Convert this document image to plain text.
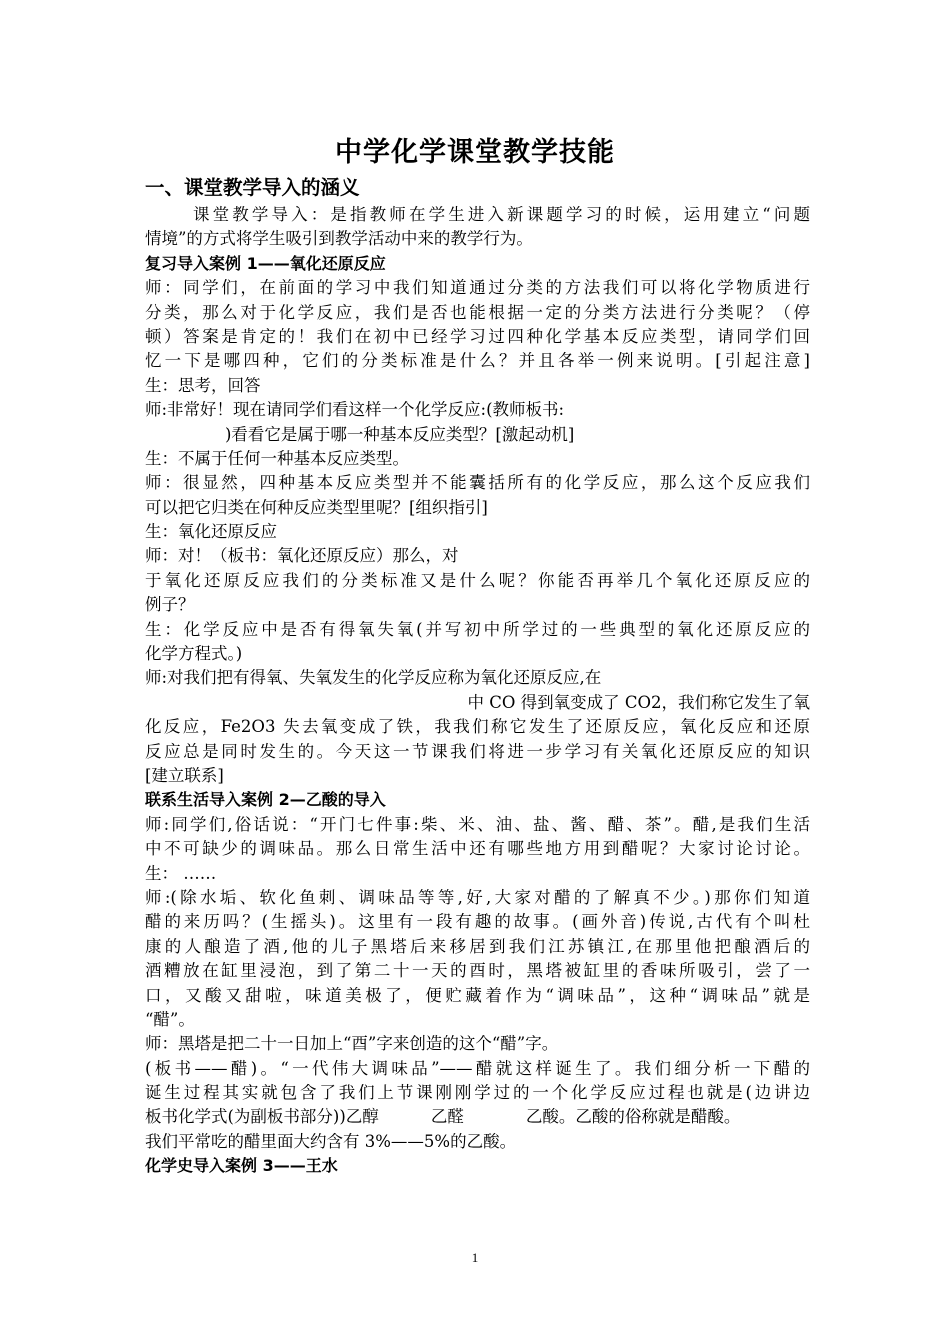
中学化学课堂教学技能
一、课堂教学导入的涵义
课堂教学导入：是指教师在学生进入新课题学习的时候，运用建立“问题
情境”的方式将学生吸引到教学活动中来的教学行为。
复习导入案例 1——氧化还原反应
师：同学们，在前面的学习中我们知道通过分类的方法我们可以将化学物质进行
分类，那么对于化学反应，我们是否也能根据一定的分类方法进行分类呢？（停
顿）答案是肯定的！我们在初中已经学习过四种化学基本反应类型，请同学们回
忆一下是哪四种，它们的分类标准是什么？并且各举一例来说明。[引起注意]
生：思考，回答
师:非常好！现在请同学们看这样一个化学反应:(教师板书:
)看看它是属于哪一种基本反应类型？[激起动机]
生：不属于任何一种基本反应类型。
师：很显然，四种基本反应类型并不能囊括所有的化学反应，那么这个反应我们
可以把它归类在何种反应类型里呢？[组织指引]
生：氧化还原反应
师：对！（板书：氧化还原反应）那么，对
于氧化还原反应我们的分类标准又是什么呢？你能否再举几个氧化还原反应的
例子？
生：化学反应中是否有得氧失氧(并写初中所学过的一些典型的氧化还原反应的
化学方程式。)
师:对我们把有得氧、失氧发生的化学反应称为氧化还原反应,在
中 CO 得到氧变成了 CO2，我们称它发生了氧
化反应，Fe2O3 失去氧变成了铁，我我们称它发生了还原反应，氧化反应和还原
反应总是同时发生的。今天这一节课我们将进一步学习有关氧化还原反应的知识
[建立联系]
联系生活导入案例 2—乙酸的导入
师:同学们,俗话说：“开门七件事:柴、米、油、盐、酱、醋、茶”。醋,是我们生活
中不可缺少的调味品。那么日常生活中还有哪些地方用到醋呢？大家讨论讨论。
生： ……
师:(除水垢、软化鱼刺、调味品等等,好,大家对醋的了解真不少。)那你们知道
醋的来历吗？(生摇头)。这里有一段有趣的故事。(画外音)传说,古代有个叫杜
康的人酿造了酒,他的儿子黑塔后来移居到我们江苏镇江,在那里他把酿酒后的
酒糟放在缸里浸泡，到了第二十一天的酉时，黑塔被缸里的香味所吸引，尝了一
口，又酸又甜啦，味道美极了，便贮藏着作为“调味品”，这种“调味品”就是
“醋”。
师：黑塔是把二十一日加上“酉”字来创造的这个“醋”字。
(板书——醋)。“一代伟大调味品”——醋就这样诞生了。我们细分析一下醋的
诞生过程其实就包含了我们上节课刚刚学过的一个化学反应过程也就是(边讲边
板书化学式(为副板书部分))乙醇	乙醛	乙酸。乙酸的俗称就是醋酸。
我们平常吃的醋里面大约含有 3%——5%的乙酸。
化学史导入案例 3——王水
1
